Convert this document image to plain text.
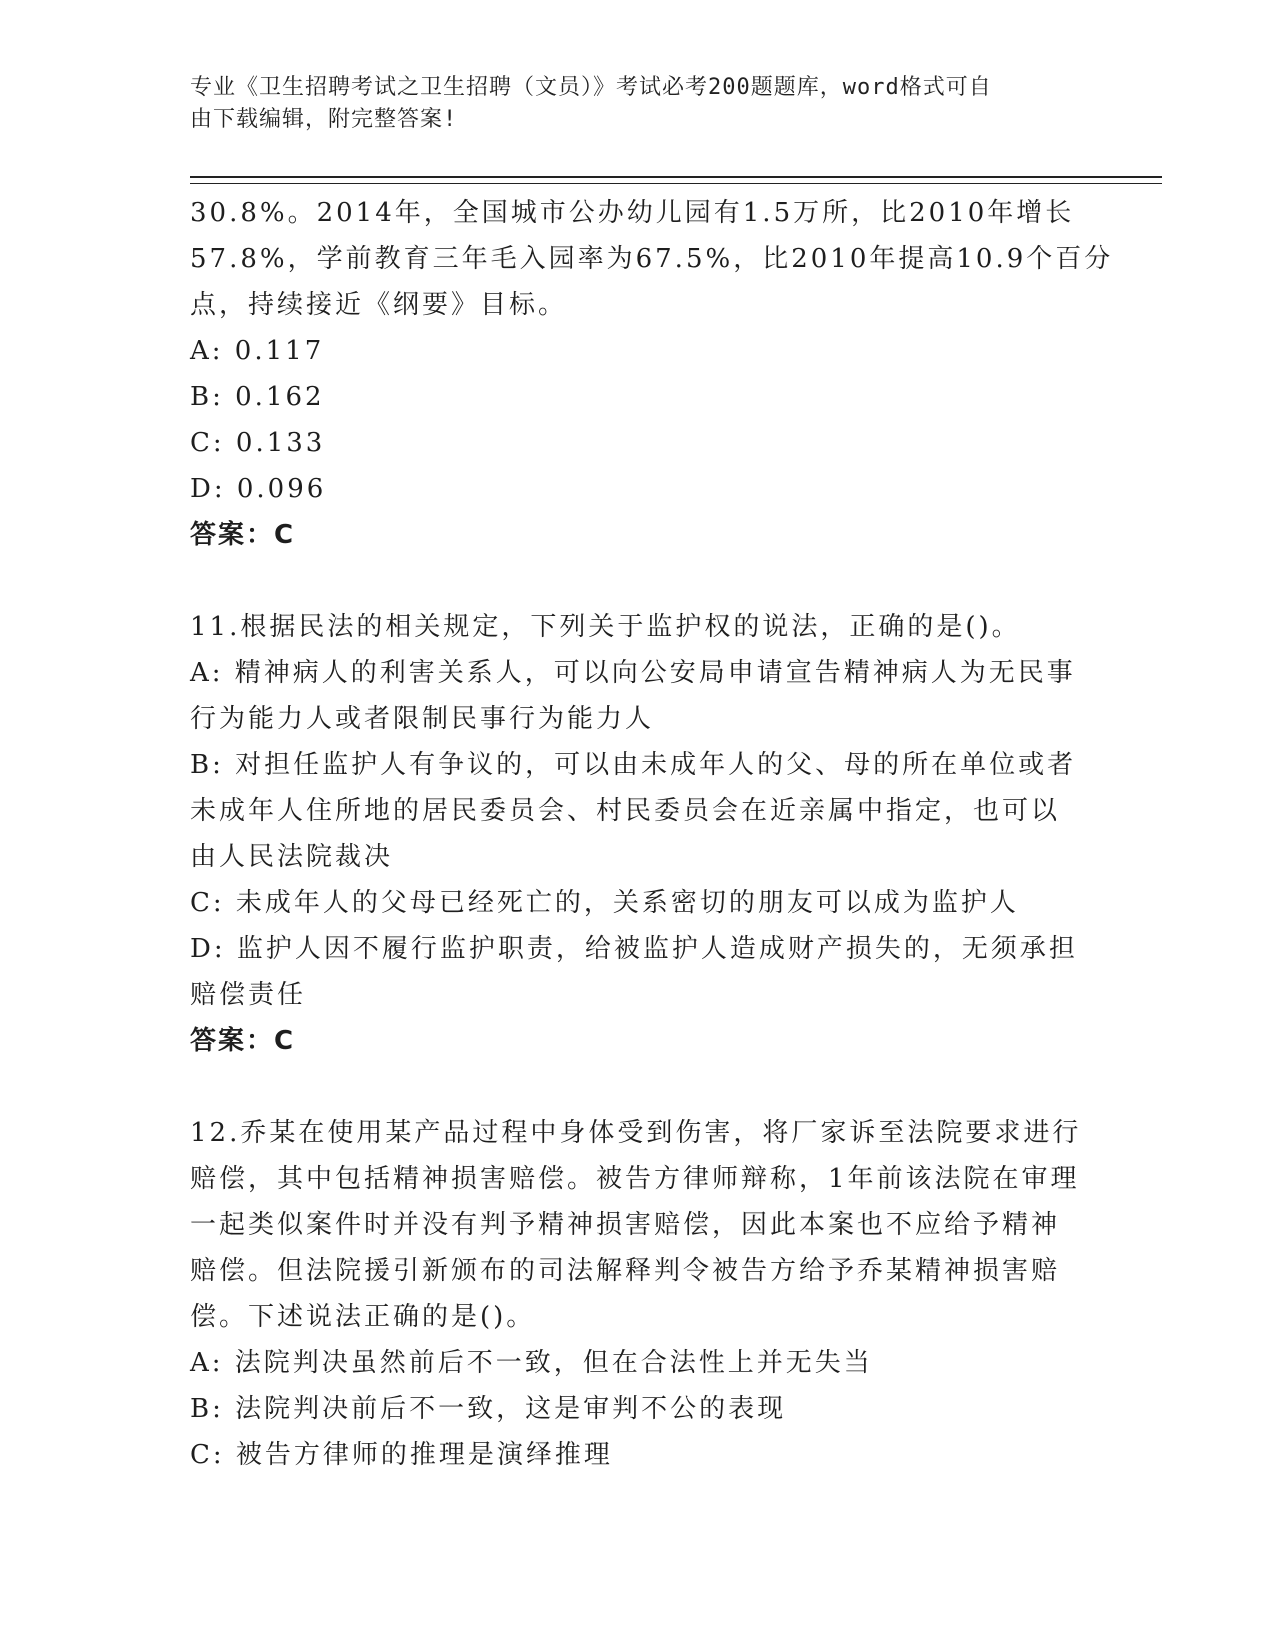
专业《卫生招聘考试之卫生招聘（文员）》考试必考200题题库，word格式可自
由下载编辑，附完整答案!
30.8%。2014年，全国城市公办幼儿园有1.5万所，比2010年增长
57.8%，学前教育三年毛入园率为67.5%，比2010年提高10.9个百分
点，持续接近《纲要》目标。
A: 0.117
B: 0.162
C: 0.133
D: 0.096
答案：C
11.根据民法的相关规定，下列关于监护权的说法，正确的是()。
A: 精神病人的利害关系人，可以向公安局申请宣告精神病人为无民事
行为能力人或者限制民事行为能力人
B: 对担任监护人有争议的，可以由未成年人的父、母的所在单位或者
未成年人住所地的居民委员会、村民委员会在近亲属中指定，也可以
由人民法院裁决
C: 未成年人的父母已经死亡的，关系密切的朋友可以成为监护人
D: 监护人因不履行监护职责，给被监护人造成财产损失的，无须承担
赔偿责任
答案：C
12.乔某在使用某产品过程中身体受到伤害，将厂家诉至法院要求进行
赔偿，其中包括精神损害赔偿。被告方律师辩称，1年前该法院在审理
一起类似案件时并没有判予精神损害赔偿，因此本案也不应给予精神
赔偿。但法院援引新颁布的司法解释判令被告方给予乔某精神损害赔
偿。下述说法正确的是()。
A: 法院判决虽然前后不一致，但在合法性上并无失当
B: 法院判决前后不一致，这是审判不公的表现
C: 被告方律师的推理是演绎推理
